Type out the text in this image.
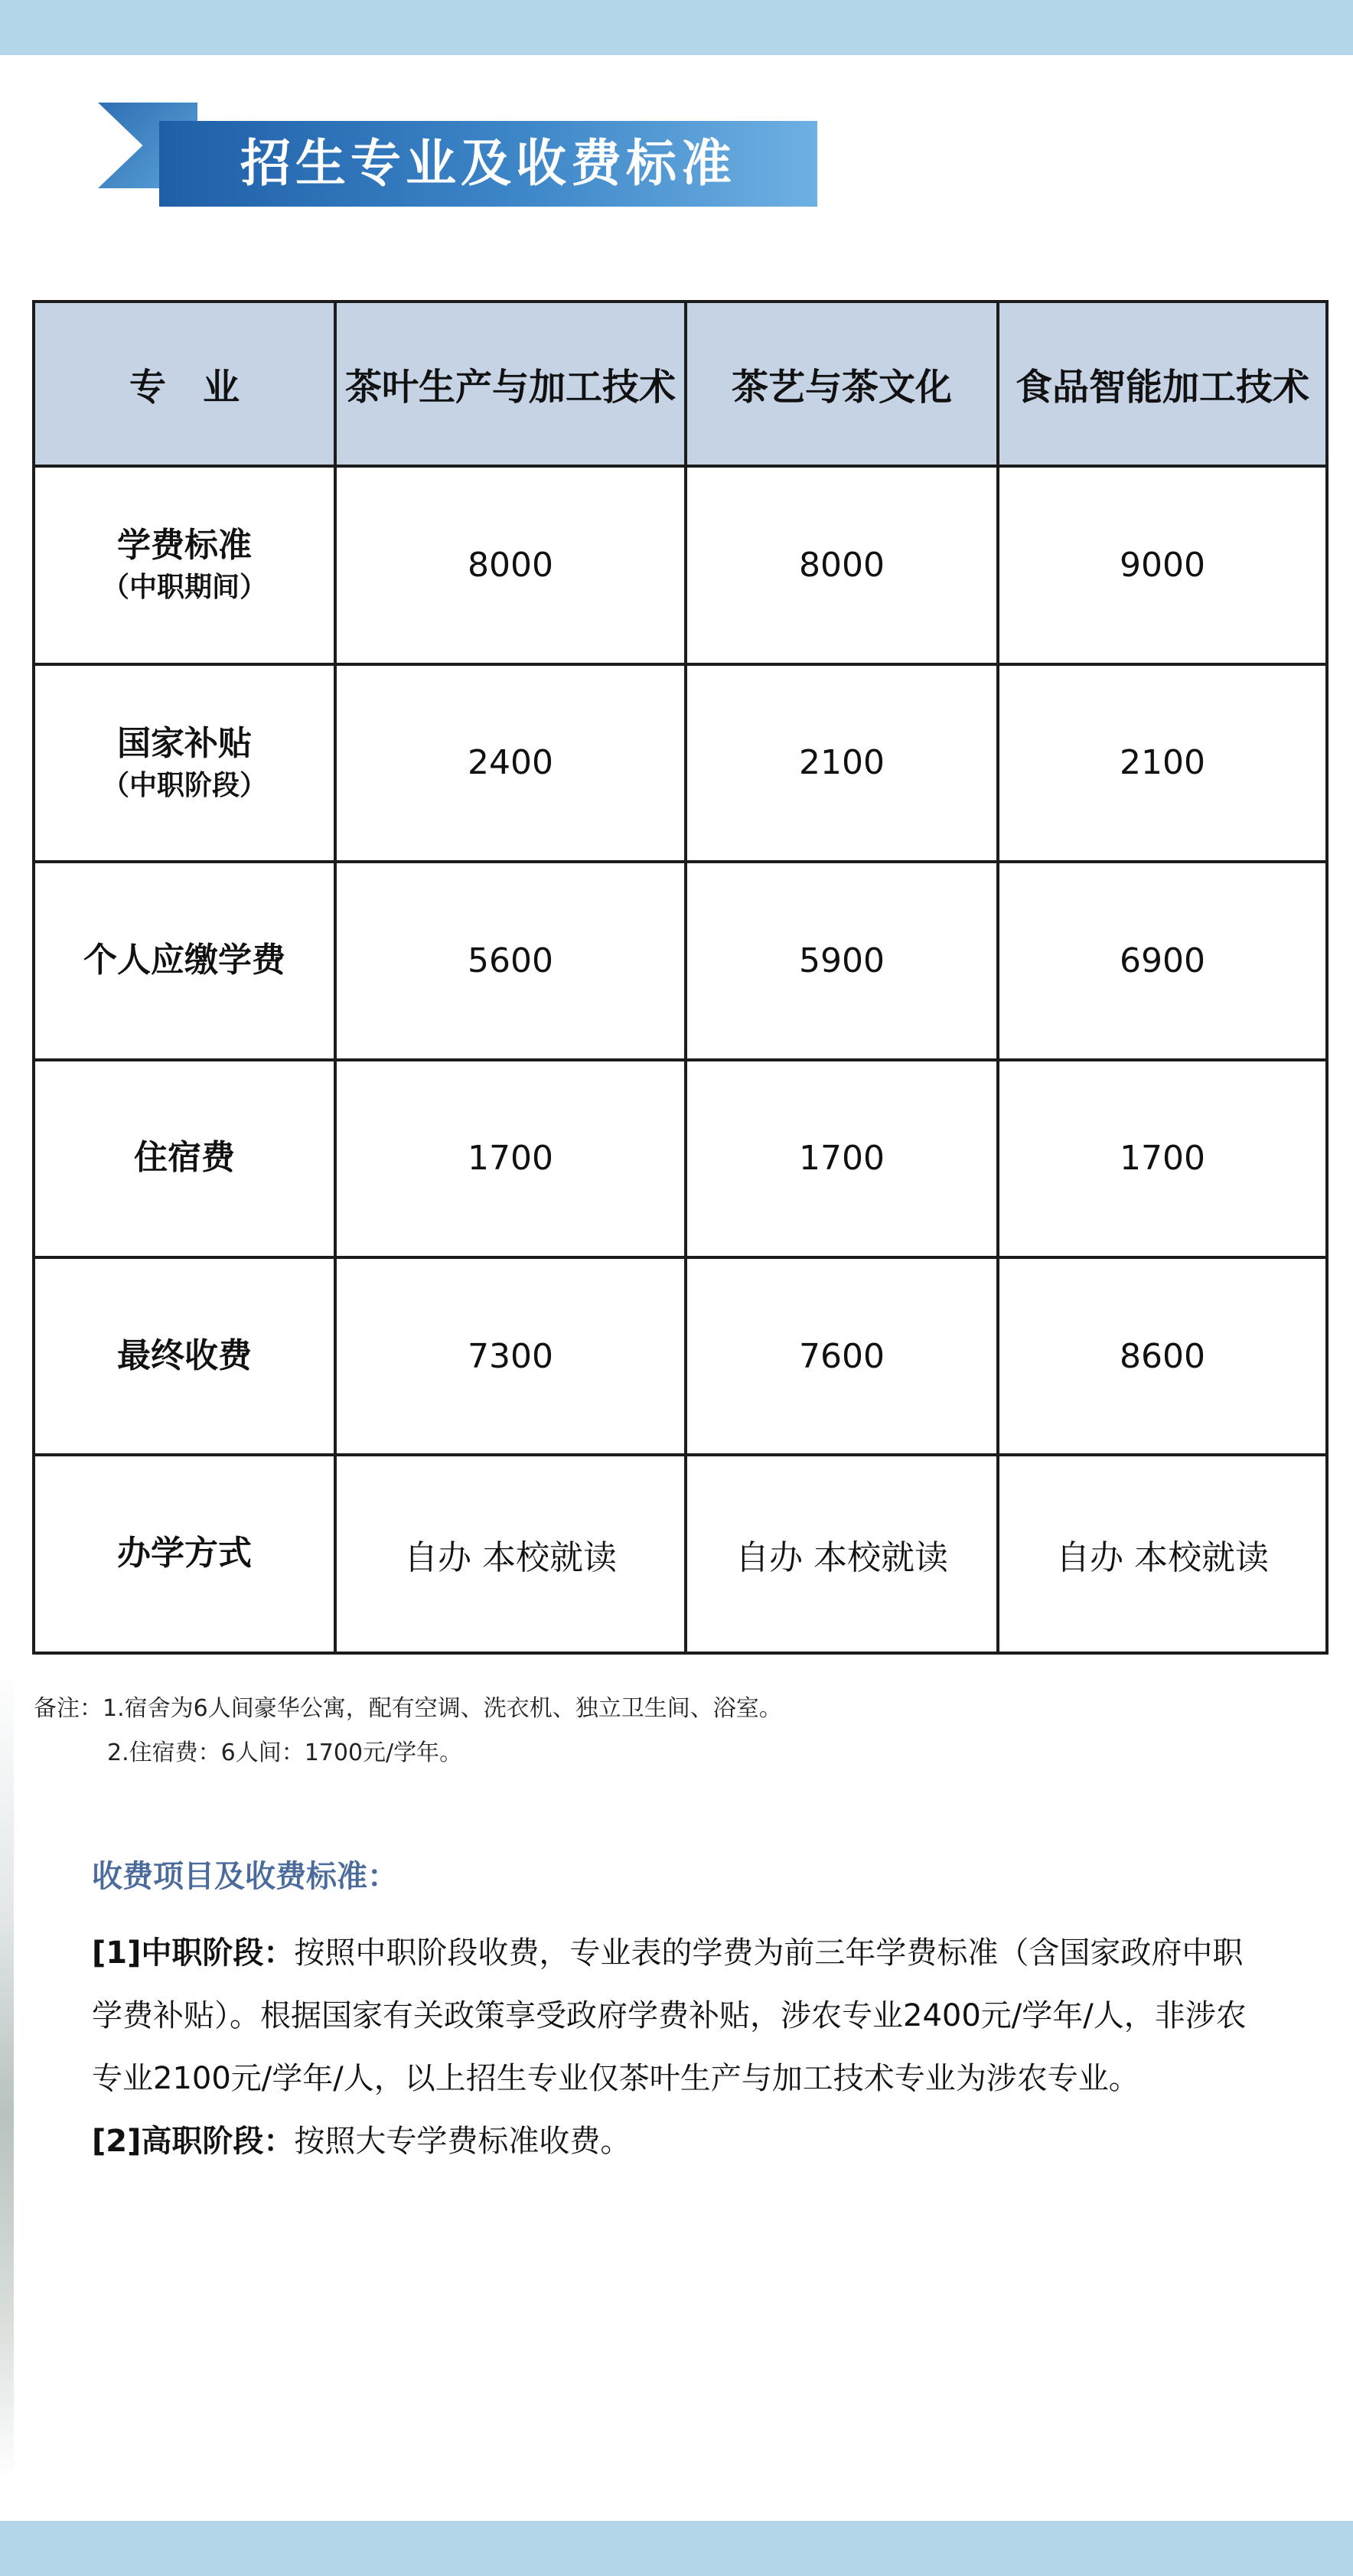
招生专业及收费标准
专　业	茶叶生产与加工技术	茶艺与茶文化	食品智能加工技术
学费标准
（中职期间）	8000	8000	9000
国家补贴
（中职阶段）	2400	2100	2100
个人应缴学费	5600	5900	6900
住宿费	1700	1700	1700
最终收费	7300	7600	8600
办学方式	自办 本校就读	自办 本校就读	自办 本校就读
备注：1.宿舍为6人间豪华公寓，配有空调、洗衣机、独立卫生间、浴室。
2.住宿费：6人间：1700元/学年。
收费项目及收费标准：

[1]中职阶段：按照中职阶段收费，专业表的学费为前三年学费标准（含国家政府中职学费补贴）。根据国家有关政策享受政府学费补贴，涉农专业2400元/学年/人，非涉农专业2100元/学年/人，以上招生专业仅茶叶生产与加工技术专业为涉农专业。

[2]高职阶段：按照大专学费标准收费。
